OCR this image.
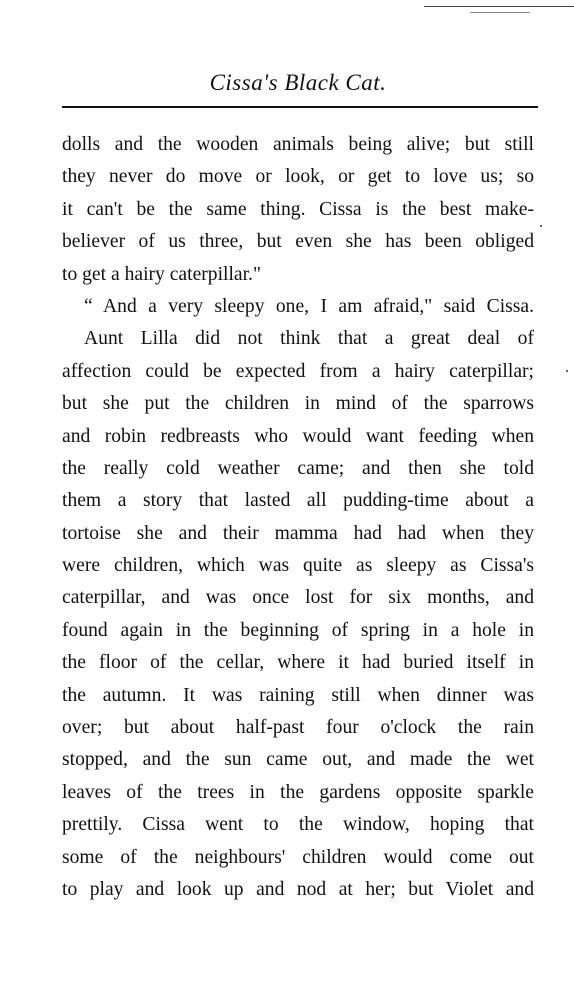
Cissa's Black Cat.
dolls and the wooden animals being alive; but still
they never do move or look, or get to love us; so
it can't be the same thing. Cissa is the best make-
believer of us three, but even she has been obliged
to get a hairy caterpillar."
“ And a very sleepy one, I am afraid," said Cissa.
Aunt Lilla did not think that a great deal of
affection could be expected from a hairy caterpillar;
but she put the children in mind of the sparrows
and robin redbreasts who would want feeding when
the really cold weather came; and then she told
them a story that lasted all pudding-time about a
tortoise she and their mamma had had when they
were children, which was quite as sleepy as Cissa's
caterpillar, and was once lost for six months, and
found again in the beginning of spring in a hole in
the floor of the cellar, where it had buried itself in
the autumn. It was raining still when dinner was
over; but about half-past four o'clock the rain
stopped, and the sun came out, and made the wet
leaves of the trees in the gardens opposite sparkle
prettily. Cissa went to the window, hoping that
some of the neighbours' children would come out
to play and look up and nod at her; but Violet and
